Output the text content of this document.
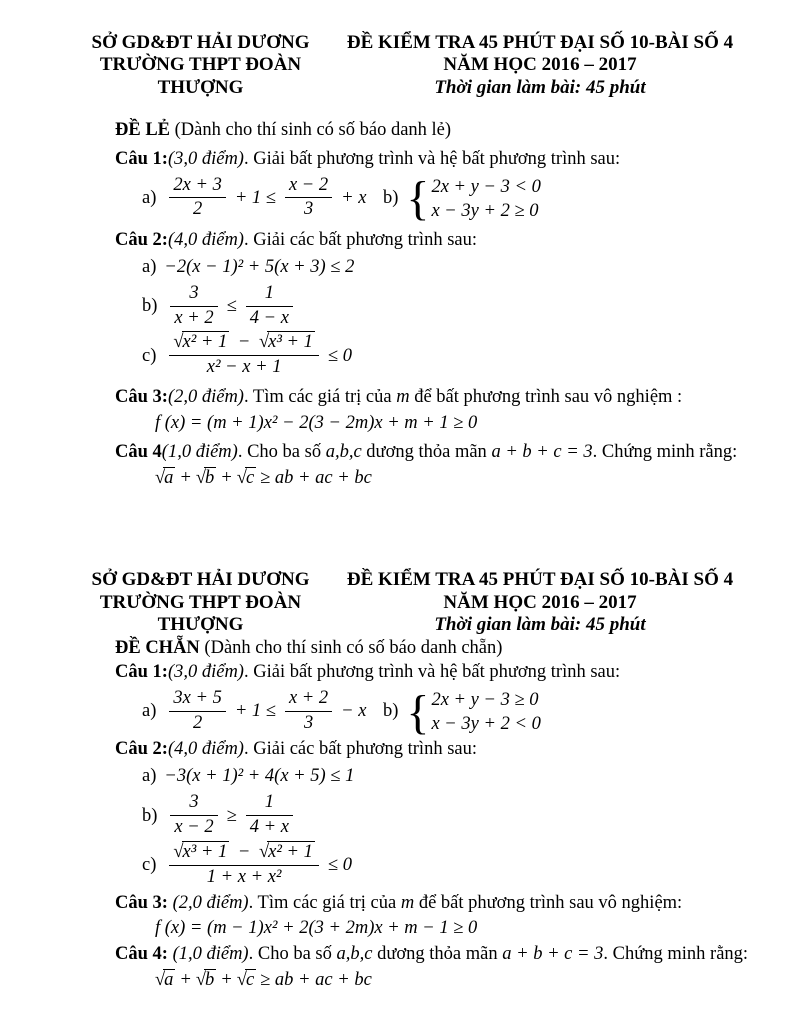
SỞ GD&ĐT HẢI DƯƠNG
TRƯỜNG THPT ĐOÀN THƯỢNG
ĐỀ KIỂM TRA 45 PHÚT ĐẠI SỐ 10-BÀI SỐ 4
NĂM HỌC 2016 – 2017
Thời gian làm bài: 45 phút
ĐỀ LẺ (Dành cho thí sinh có số báo danh lẻ)
Câu 1:(3,0 điểm). Giải bất phương trình và hệ bất phương trình sau:
$a) \frac{2x + 3}{2} + 1 \le \frac{x - 2}{3} + x$ b) { 2x + y − 3 < 0
x − 3y + 2 ≥ 0
Câu 2:(4,0 điểm). Giải các bất phương trình sau:
a) −2(x − 1)² + 5(x + 3) ≤ 2
$b) \frac{3}{x + 2} \le \frac{1}{4 - x}$
$c) \frac{\text{√x² + 1 − √x³ + 1}}{\text{x² − x + 1}} \le 0$
Câu 3:(2,0 điểm). Tìm các giá trị của m để bất phương trình sau vô nghiệm :
f (x) = (m + 1)x² − 2(3 − 2m)x + m + 1 ≥ 0
Câu 4(1,0 điểm). Cho ba số a,b,c dương thỏa mãn a + b + c = 3. Chứng minh rằng:
√a + √b + √c ≥ ab + ac + bc
SỞ GD&ĐT HẢI DƯƠNG
TRƯỜNG THPT ĐOÀN THƯỢNG
ĐỀ KIỂM TRA 45 PHÚT ĐẠI SỐ 10-BÀI SỐ 4
NĂM HỌC 2016 – 2017
Thời gian làm bài: 45 phút
ĐỀ CHẴN (Dành cho thí sinh có số báo danh chẵn)
Câu 1:(3,0 điểm). Giải bất phương trình và hệ bất phương trình sau:
$a) \frac{3x + 5}{2} + 1 \le \frac{x + 2}{3} - x$ b) { 2x + y − 3 ≥ 0
x − 3y + 2 < 0
Câu 2:(4,0 điểm). Giải các bất phương trình sau:
a) −3(x + 1)² + 4(x + 5) ≤ 1
$b) \frac{3}{x - 2} \ge \frac{1}{4 + x}$
$c) \frac{\text{√x³ + 1 − √x² + 1}}{\text{1 + x + x²}} \le 0$
Câu 3: (2,0 điểm). Tìm các giá trị của m để bất phương trình sau vô nghiệm:
f (x) = (m − 1)x² + 2(3 + 2m)x + m − 1 ≥ 0
Câu 4: (1,0 điểm). Cho ba số a,b,c dương thỏa mãn a + b + c = 3. Chứng minh rằng:
√a + √b + √c ≥ ab + ac + bc
